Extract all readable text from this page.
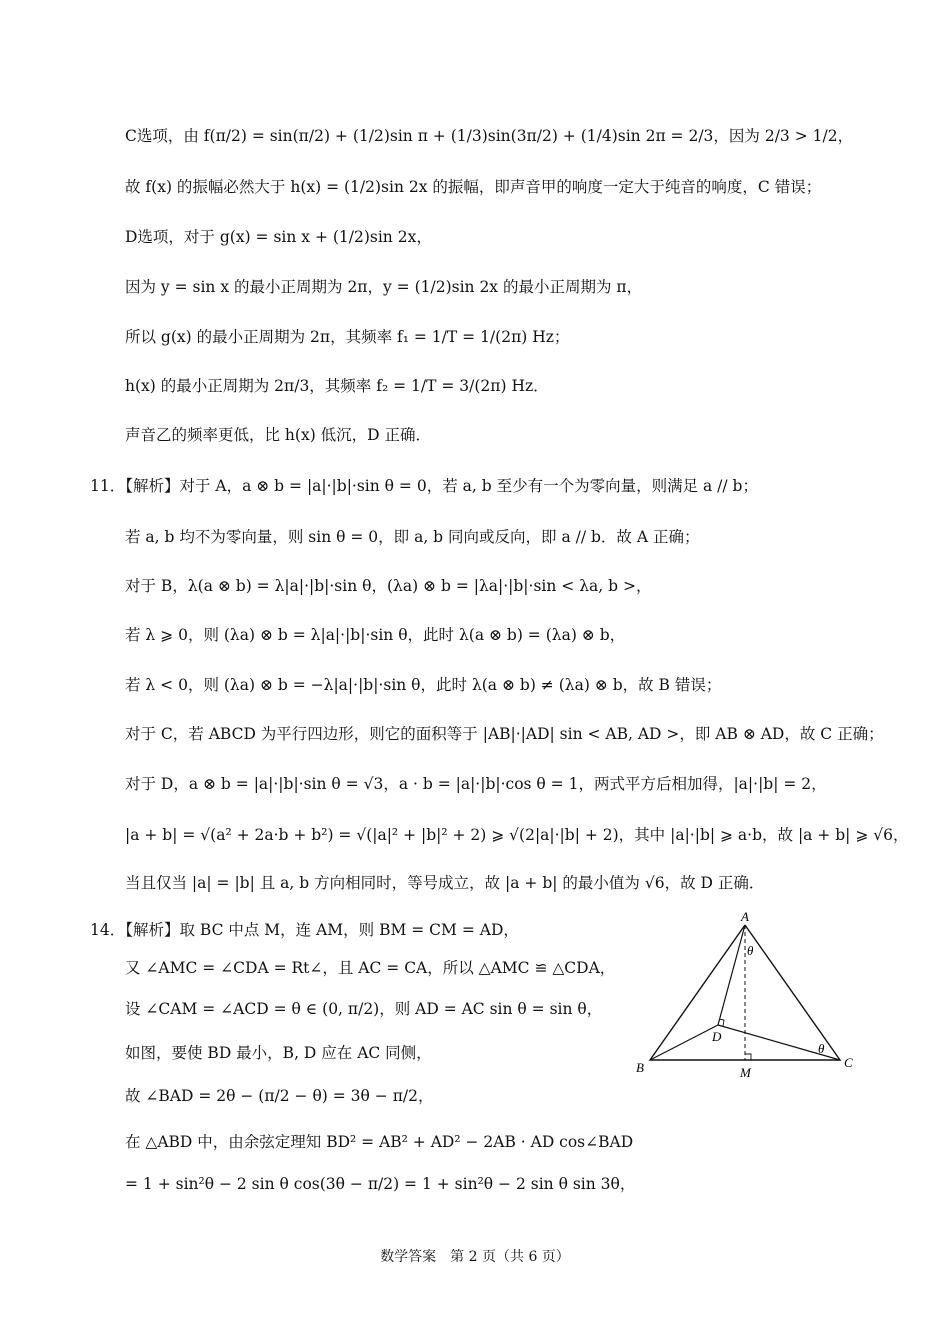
C选项，由 f(π/2) = sin(π/2) + (1/2)sin π + (1/3)sin(3π/2) + (1/4)sin 2π = 2/3，因为 2/3 > 1/2，
故 f(x) 的振幅必然大于 h(x) = (1/2)sin 2x 的振幅，即声音甲的响度一定大于纯音的响度，C 错误；
D选项，对于 g(x) = sin x + (1/2)sin 2x，
因为 y = sin x 的最小正周期为 2π，y = (1/2)sin 2x 的最小正周期为 π，
所以 g(x) 的最小正周期为 2π，其频率 f₁ = 1/T = 1/(2π) Hz；
h(x) 的最小正周期为 2π/3，其频率 f₂ = 1/T = 3/(2π) Hz．
声音乙的频率更低，比 h(x) 低沉，D 正确．
11．【解析】对于 A，a ⊗ b = |a|·|b|·sin θ = 0，若 a, b 至少有一个为零向量，则满足 a // b；
若 a, b 均不为零向量，则 sin θ = 0，即 a, b 同向或反向，即 a // b．故 A 正确；
对于 B，λ(a ⊗ b) = λ|a|·|b|·sin θ，(λa) ⊗ b = |λa|·|b|·sin < λa, b >，
若 λ ⩾ 0，则 (λa) ⊗ b = λ|a|·|b|·sin θ，此时 λ(a ⊗ b) = (λa) ⊗ b，
若 λ < 0，则 (λa) ⊗ b = −λ|a|·|b|·sin θ，此时 λ(a ⊗ b) ≠ (λa) ⊗ b，故 B 错误；
对于 C，若 ABCD 为平行四边形，则它的面积等于 |AB|·|AD| sin < AB, AD >，即 AB ⊗ AD，故 C 正确；
对于 D，a ⊗ b = |a|·|b|·sin θ = √3，a · b = |a|·|b|·cos θ = 1，两式平方后相加得，|a|·|b| = 2，
|a + b| = √(a² + 2a·b + b²) = √(|a|² + |b|² + 2) ⩾ √(2|a|·|b| + 2)，其中 |a|·|b| ⩾ a·b，故 |a + b| ⩾ √6，
当且仅当 |a| = |b| 且 a, b 方向相同时，等号成立，故 |a + b| 的最小值为 √6，故 D 正确．
14．【解析】取 BC 中点 M，连 AM，则 BM = CM = AD，
又 ∠AMC = ∠CDA = Rt∠，且 AC = CA，所以 △AMC ≌ △CDA，
设 ∠CAM = ∠ACD = θ ∈ (0, π/2)，则 AD = AC sin θ = sin θ，
如图，要使 BD 最小，B, D 应在 AC 同侧，
故 ∠BAD = 2θ − (π/2 − θ) = 3θ − π/2，
在 △ABD 中，由余弦定理知 BD² = AB² + AD² − 2AB · AD cos∠BAD
= 1 + sin²θ − 2 sin θ cos(3θ − π/2) = 1 + sin²θ − 2 sin θ sin 3θ，
A
B	C
D
M
θ
θ
数学答案　第 2 页（共 6 页）
